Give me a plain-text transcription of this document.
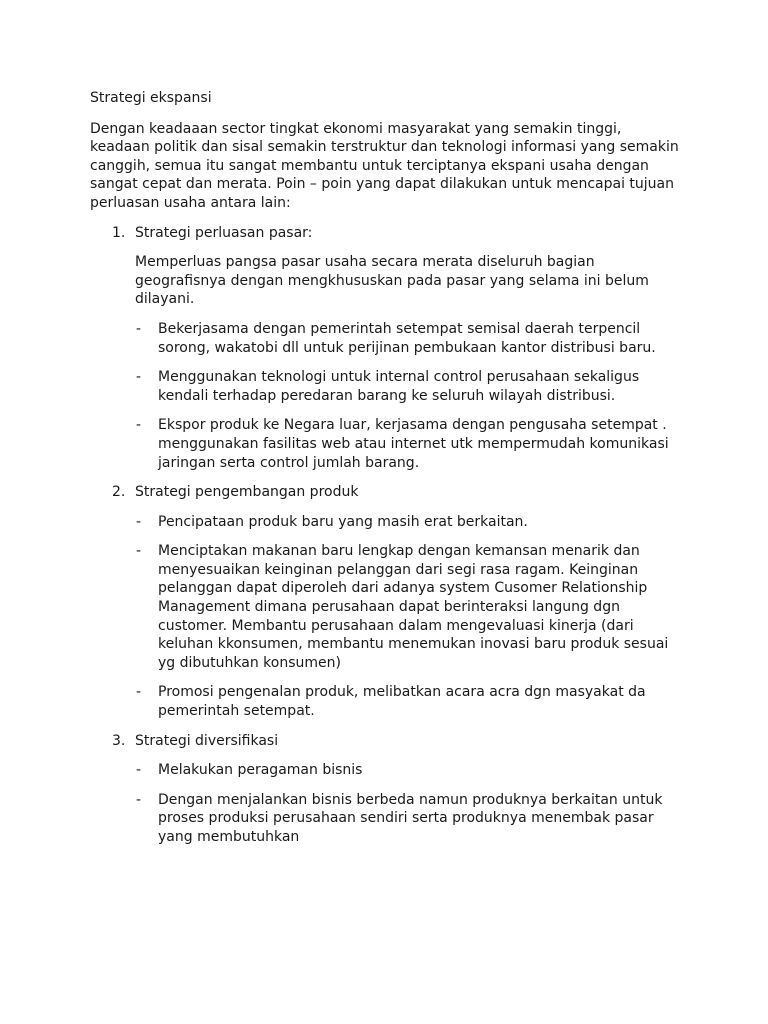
Strategi ekspansi

Dengan keadaaan sector tingkat ekonomi masyarakat yang semakin tinggi, keadaan politik dan sisal semakin terstruktur dan teknologi informasi yang semakin canggih, semua itu sangat membantu untuk terciptanya ekspani usaha dengan sangat cepat dan merata. Poin – poin yang dapat dilakukan untuk mencapai tujuan perluasan usaha antara lain:

1. Strategi perluasan pasar:

Memperluas pangsa pasar usaha secara merata diseluruh bagian geografisnya dengan mengkhususkan pada pasar yang selama ini belum dilayani.

- Bekerjasama dengan pemerintah setempat semisal daerah terpencil sorong, wakatobi dll untuk perijinan pembukaan kantor distribusi baru.
- Menggunakan teknologi untuk internal control perusahaan sekaligus kendali terhadap peredaran barang ke seluruh wilayah distribusi.
- Ekspor produk ke Negara luar, kerjasama dengan pengusaha setempat . menggunakan fasilitas web atau internet utk mempermudah komunikasi jaringan serta control jumlah barang.
2. Strategi pengembangan produk
- Pencipataan produk baru yang masih erat berkaitan.
- Menciptakan makanan baru lengkap dengan kemansan menarik dan menyesuaikan keinginan pelanggan dari segi rasa ragam. Keinginan pelanggan dapat diperoleh dari adanya system Cusomer Relationship Management dimana perusahaan dapat berinteraksi langung dgn customer. Membantu perusahaan dalam mengevaluasi kinerja (dari keluhan kkonsumen, membantu menemukan inovasi baru produk sesuai yg dibutuhkan konsumen)
- Promosi pengenalan produk, melibatkan acara acra dgn masyakat da pemerintah setempat.
3. Strategi diversifikasi
- Melakukan peragaman bisnis
- Dengan menjalankan bisnis berbeda namun produknya berkaitan untuk proses produksi perusahaan sendiri serta produknya menembak pasar yang membutuhkan
